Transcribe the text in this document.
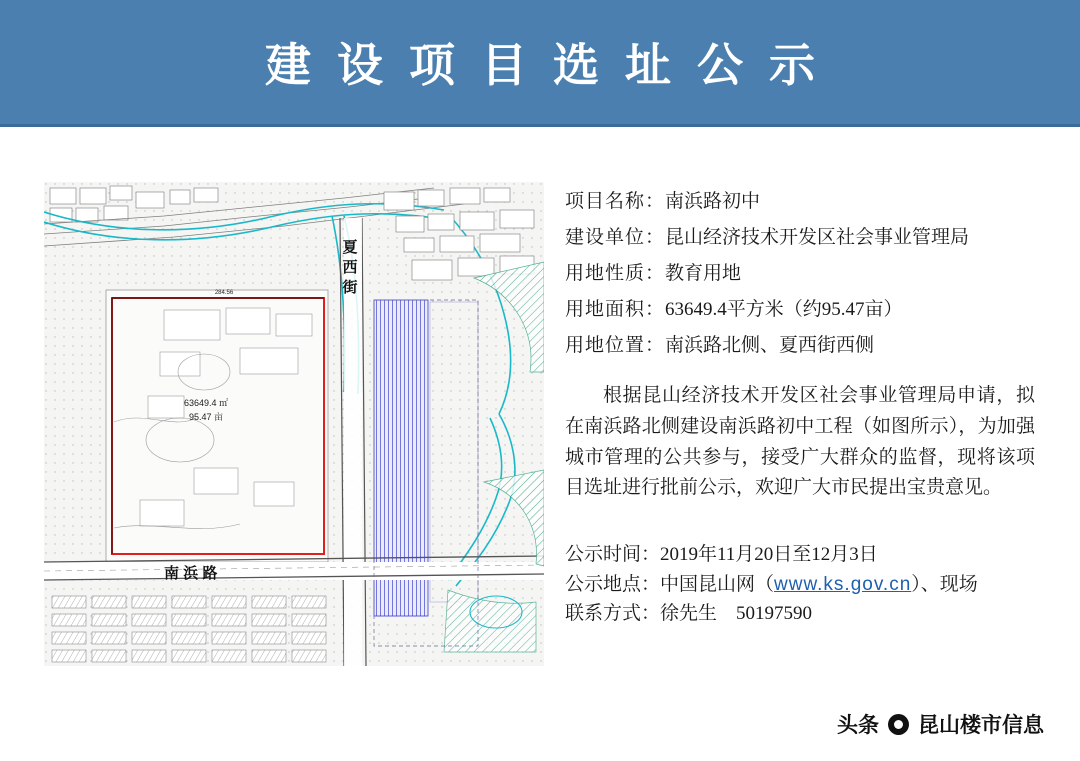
建设项目选址公示
夏
西
街
284.56
63649.4 ㎡
95.47 亩
南 浜 路
项目名称：南浜路初中
建设单位：昆山经济技术开发区社会事业管理局
用地性质：教育用地
用地面积：63649.4平方米（约95.47亩）
用地位置：南浜路北侧、夏西街西侧
根据昆山经济技术开发区社会事业管理局申请，拟在南浜路北侧建设南浜路初中工程（如图所示），为加强城市管理的公共参与，接受广大群众的监督，现将该项目选址进行批前公示，欢迎广大市民提出宝贵意见。
公示时间：2019年11月20日至12月3日
公示地点：中国昆山网（www.ks.gov.cn）、现场
联系方式：徐先生　50197590
头条 昆山楼市信息
